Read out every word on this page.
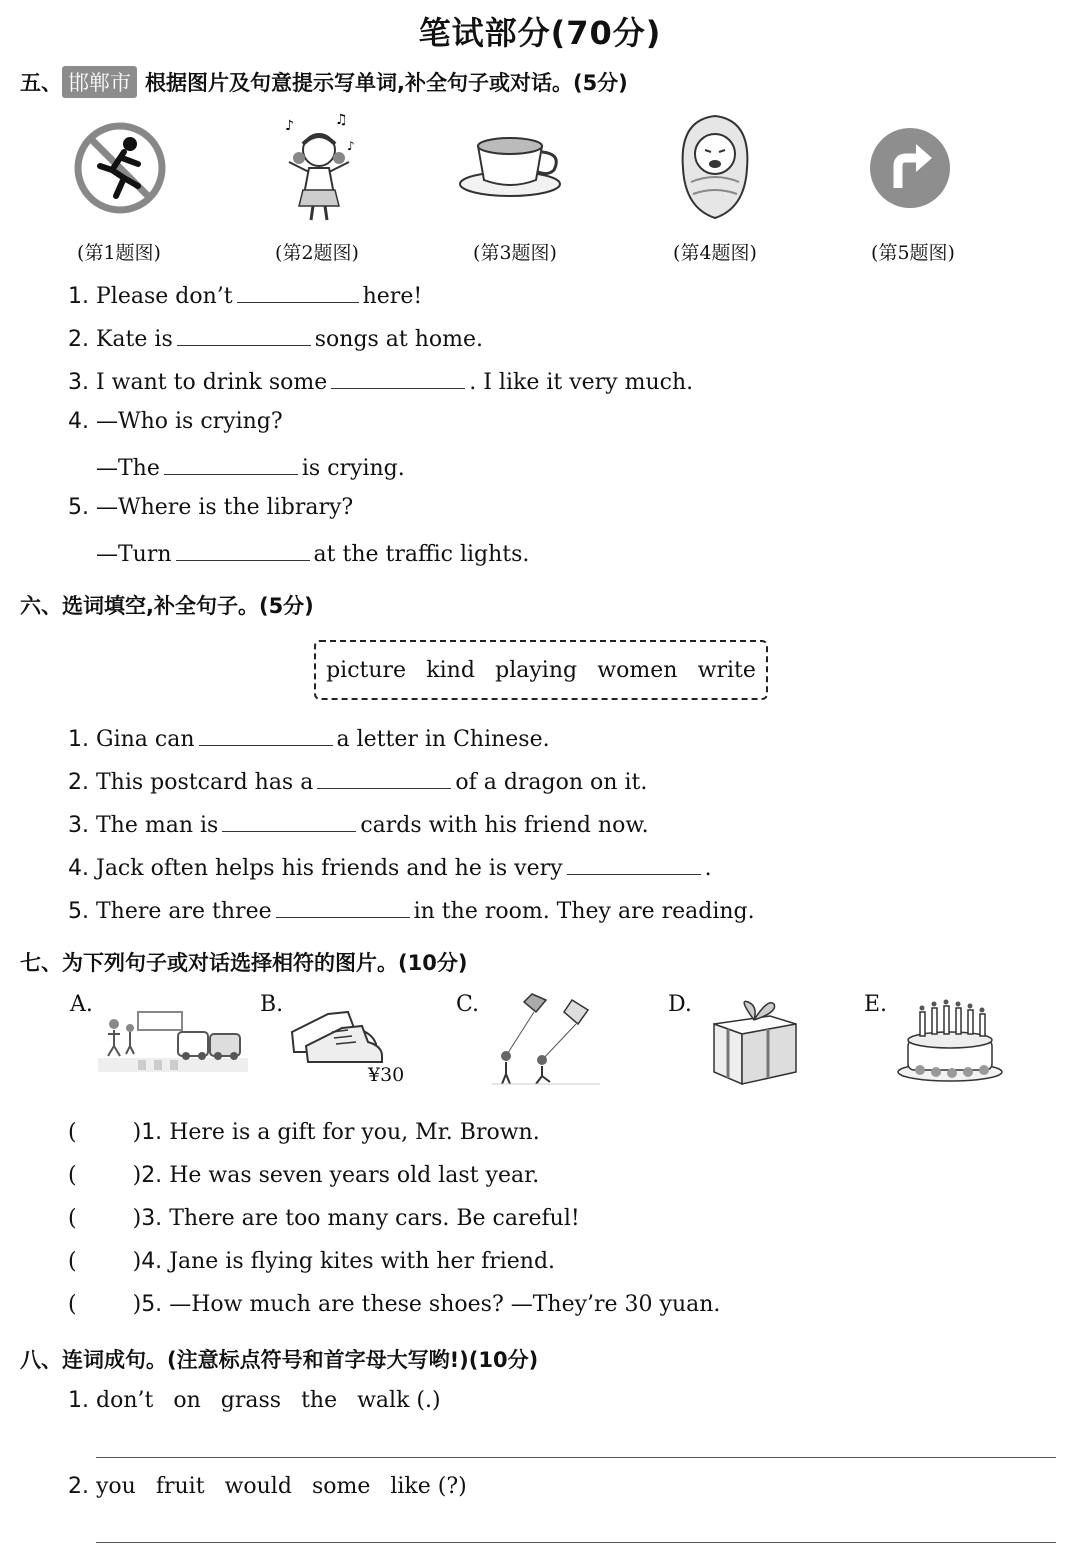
笔试部分(70分)
五、 邯郸市 根据图片及句意提示写单词,补全句子或对话。(5分)
♪	♫
♪
(第1题图)	(第2题图)	(第3题图)	(第4题图)	(第5题图)
1. Please don’t	here!
2. Kate is	songs at home.
3. I want to drink some	. I like it very much.
4. —Who is crying?
—The	is crying.
5. —Where is the library?
—Turn	at the traffic lights.
六、选词填空,补全句子。(5分)
picture kind playing women write
1. Gina can	a letter in Chinese.
2. This postcard has a	of a dragon on it.
3. The man is	cards with his friend now.
4. Jack often helps his friends and he is very	.
5. There are three	in the room. They are reading.
七、为下列句子或对话选择相符的图片。(10分)
A.	B.
¥30
C.	D.	E.
(	)1. Here is a gift for you, Mr. Brown.
(	)2. He was seven years old last year.
(	)3. There are too many cars. Be careful!
(	)4. Jane is flying kites with her friend.
(	)5. —How much are these shoes? —They’re 30 yuan.
八、连词成句。(注意标点符号和首字母大写哟!)(10分)
1. don’t on grass the walk (.)
2. you fruit would some like (?)
